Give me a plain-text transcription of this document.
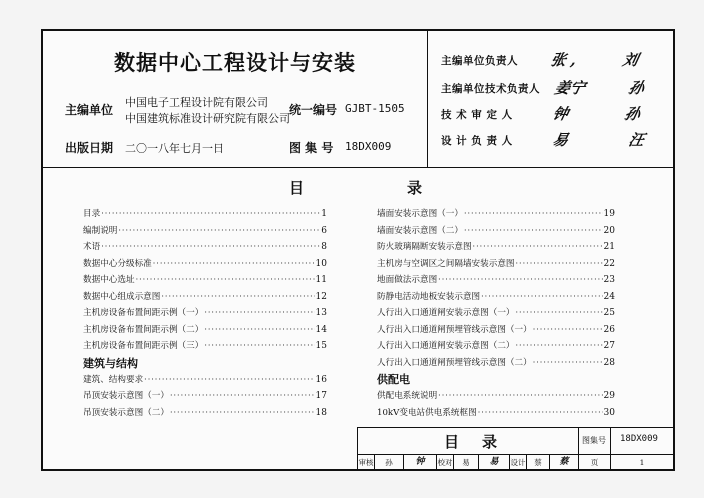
数据中心工程设计与安装
主编单位
中国电子工程设计院有限公司
中国建筑标准设计研究院有限公司
统一编号 GJBT-1505
出版日期 二〇一八年七月一日	图 集 号 18DX009
主编单位负责人 张 ,	刘
主编单位技术负责人 姜宁	孙
技 术 审 定 人	钟	孙
设 计 负 责 人	易	汪
目	录
目录 ·····	1
编制说明 ·····	6
术语 ·····	8
数据中心分级标准 ·····	10
数据中心选址 ·····	11
数据中心组成示意图 ·····	12
主机房设备布置间距示例（一） ·····	13
主机房设备布置间距示例（二） ·····	14
主机房设备布置间距示例（三） ·····	15
建筑与结构
建筑、结构要求 ·····	16
吊顶安装示意图（一） ·····	17
吊顶安装示意图（二） ·····	18
墙面安装示意图（一） ·····	19
墙面安装示意图（二） ·····	20
防火玻璃隔断安装示意图 ·····	21
主机房与空调区之间隔墙安装示意图 ·····	22
地面做法示意图 ·····	23
防静电活动地板安装示意图 ·····	24
人行出入口通道闸安装示意图（一） ·····	25
人行出入口通道闸预埋管线示意图（一） ·····	26
人行出入口通道闸安装示意图（二） ·····	27
人行出入口通道闸预埋管线示意图（二） ·····	28
供配电
供配电系统说明 ·····	29
10kV变电站供电系统框图 ·····	30
目 录	图集号 18DX009
审核	孙	钟	校对	易	易	设计	蔡	蔡	页	1
